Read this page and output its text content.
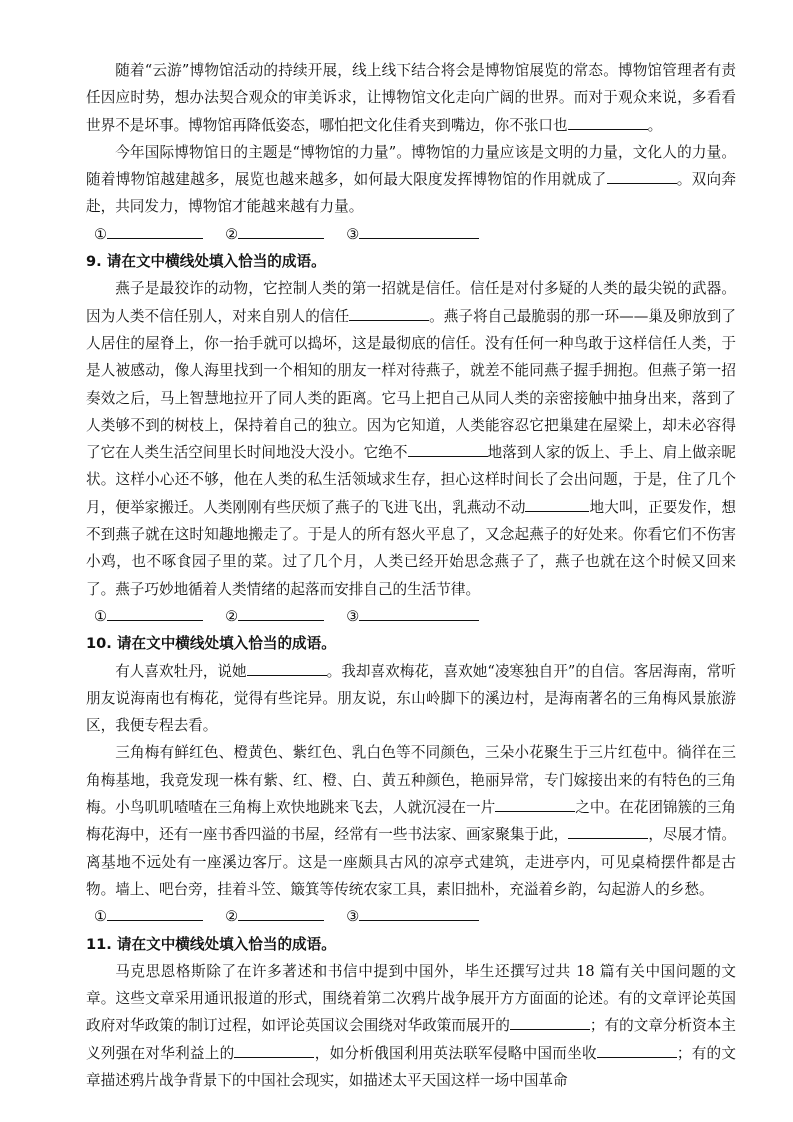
随着“云游”博物馆活动的持续开展，线上线下结合将会是博物馆展览的常态。博物馆管理者有责任因应时势，想办法契合观众的审美诉求，让博物馆文化走向广阔的世界。而对于观众来说，多看看世界不是坏事。博物馆再降低姿态，哪怕把文化佳肴夹到嘴边，你不张口也	。

今年国际博物馆日的主题是“博物馆的力量”。博物馆的力量应该是文明的力量，文化人的力量。随着博物馆越建越多，展览也越来越多，如何最大限度发挥博物馆的作用就成了	。双向奔赴，共同发力，博物馆才能越来越有力量。

①	②	③

9. 请在文中横线处填入恰当的成语。

燕子是最狡诈的动物，它控制人类的第一招就是信任。信任是对付多疑的人类的最尖锐的武器。因为人类不信任别人，对来自别人的信任	。燕子将自己最脆弱的那一环——巢及卵放到了人居住的屋脊上，你一抬手就可以捣坏，这是最彻底的信任。没有任何一种鸟敢于这样信任人类，于是人被感动，像人海里找到一个相知的朋友一样对待燕子，就差不能同燕子握手拥抱。但燕子第一招奏效之后，马上智慧地拉开了同人类的距离。它马上把自己从同人类的亲密接触中抽身出来，落到了人类够不到的树枝上，保持着自己的独立。因为它知道，人类能容忍它把巢建在屋梁上，却未必容得了它在人类生活空间里长时间地没大没小。它绝不	地落到人家的饭上、手上、肩上做亲昵状。这样小心还不够，他在人类的私生活领域求生存，担心这样时间长了会出问题，于是，住了几个月，便举家搬迁。人类刚刚有些厌烦了燕子的飞进飞出，乳燕动不动	地大叫，正要发作，想不到燕子就在这时知趣地搬走了。于是人的所有怒火平息了，又念起燕子的好处来。你看它们不伤害小鸡，也不啄食园子里的菜。过了几个月，人类已经开始思念燕子了，燕子也就在这个时候又回来了。燕子巧妙地循着人类情绪的起落而安排自己的生活节律。

①	②	③

10. 请在文中横线处填入恰当的成语。

有人喜欢牡丹，说她	。我却喜欢梅花，喜欢她“凌寒独自开”的自信。客居海南，常听朋友说海南也有梅花，觉得有些诧异。朋友说，东山岭脚下的溪边村，是海南著名的三角梅风景旅游区，我便专程去看。

三角梅有鲜红色、橙黄色、紫红色、乳白色等不同颜色，三朵小花聚生于三片红苞中。徜徉在三角梅基地，我竟发现一株有紫、红、橙、白、黄五种颜色，艳丽异常，专门嫁接出来的有特色的三角梅。小鸟叽叽喳喳在三角梅上欢快地跳来飞去，人就沉浸在一片	之中。在花团锦簇的三角梅花海中，还有一座书香四溢的书屋，经常有一些书法家、画家聚集于此，	，尽展才情。离基地不远处有一座溪边客厅。这是一座颇具古风的凉亭式建筑，走进亭内，可见桌椅摆件都是古物。墙上、吧台旁，挂着斗笠、簸箕等传统农家工具，素旧拙朴，充溢着乡韵，勾起游人的乡愁。

①	②	③

11. 请在文中横线处填入恰当的成语。

马克思恩格斯除了在许多著述和书信中提到中国外，毕生还撰写过共 18 篇有关中国问题的文章。这些文章采用通讯报道的形式，围绕着第二次鸦片战争展开方方面面的论述。有的文章评论英国政府对华政策的制订过程，如评论英国议会围绕对华政策而展开的	；有的文章分析资本主义列强在对华利益上的	，如分析俄国利用英法联军侵略中国而坐收	；有的文章描述鸦片战争背景下的中国社会现实，如描述太平天国这样一场中国革命
